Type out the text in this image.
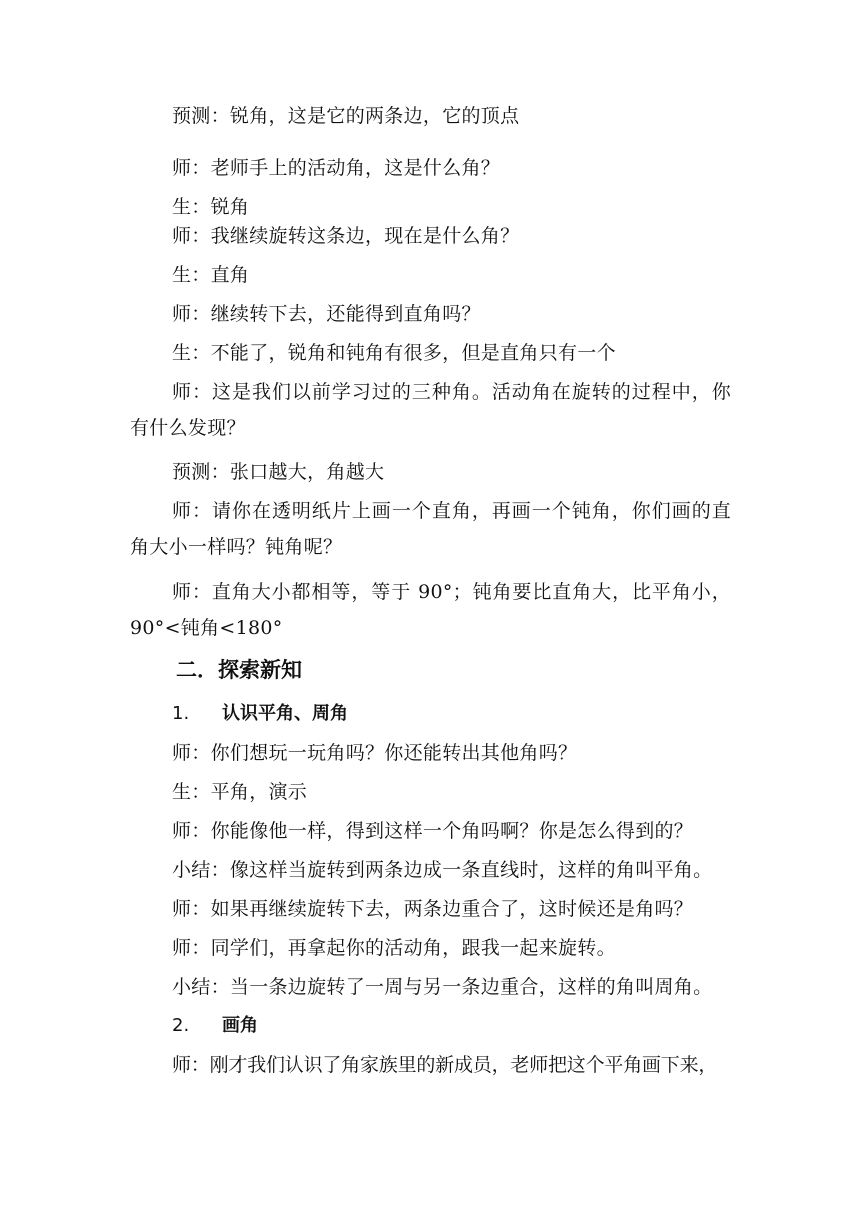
预测：锐角，这是它的两条边，它的顶点
师：老师手上的活动角，这是什么角？
生：锐角
师：我继续旋转这条边，现在是什么角？
生：直角
师：继续转下去，还能得到直角吗？
生：不能了，锐角和钝角有很多，但是直角只有一个
师：这是我们以前学习过的三种角。活动角在旋转的过程中，你有什么发现？
预测：张口越大，角越大
师：请你在透明纸片上画一个直角，再画一个钝角，你们画的直角大小一样吗？钝角呢？
师：直角大小都相等，等于 90°；钝角要比直角大，比平角小，90°<钝角<180°
二．探索新知
1. 认识平角、周角
师：你们想玩一玩角吗？你还能转出其他角吗？
生：平角，演示
师：你能像他一样，得到这样一个角吗啊？你是怎么得到的？
小结：像这样当旋转到两条边成一条直线时，这样的角叫平角。
师：如果再继续旋转下去，两条边重合了，这时候还是角吗？
师：同学们，再拿起你的活动角，跟我一起来旋转。
小结：当一条边旋转了一周与另一条边重合，这样的角叫周角。
2. 画角
师：刚才我们认识了角家族里的新成员，老师把这个平角画下来，
